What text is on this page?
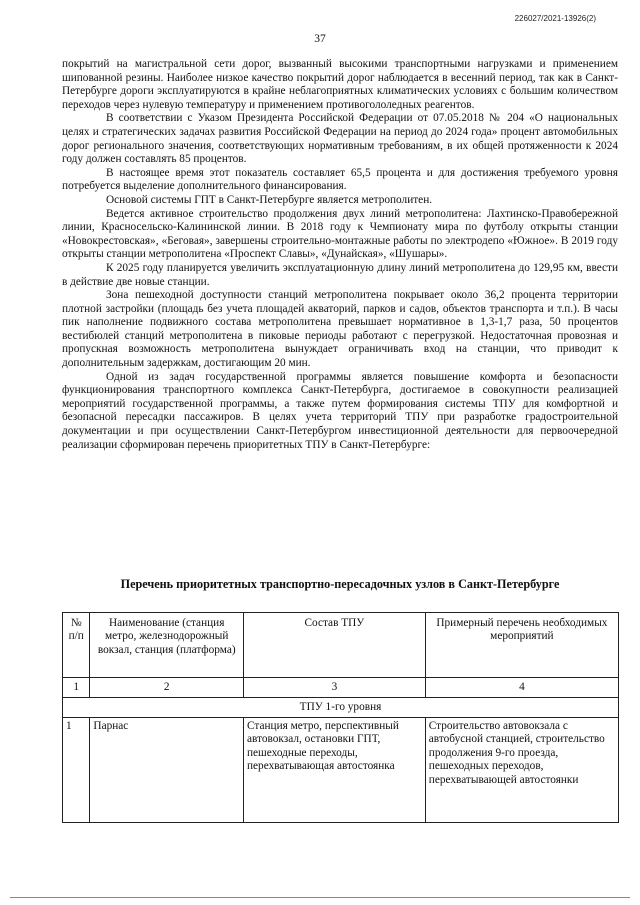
226027/2021-13926(2)
37

покрытий на магистральной сети дорог, вызванный высокими транспортными нагрузками и применением шипованной резины. Наиболее низкое качество покрытий дорог наблюдается в весенний период, так как в Санкт-Петербурге дороги эксплуатируются в крайне неблагоприятных климатических условиях с большим количеством переходов через нулевую температуру и применением противогололедных реагентов.

В соответствии с Указом Президента Российской Федерации от 07.05.2018 № 204 «О национальных целях и стратегических задачах развития Российской Федерации на период до 2024 года» процент автомобильных дорог регионального значения, соответствующих нормативным требованиям, в их общей протяженности к 2024 году должен составлять 85 процентов.

В настоящее время этот показатель составляет 65,5 процента и для достижения требуемого уровня потребуется выделение дополнительного финансирования.

Основой системы ГПТ в Санкт-Петербурге является метрополитен.

Ведется активное строительство продолжения двух линий метрополитена: Лахтинско-Правобережной линии, Красносельско-Калининской линии. В 2018 году к Чемпионату мира по футболу открыты станции «Новокрестовская», «Беговая», завершены строительно-монтажные работы по электродепо «Южное». В 2019 году открыты станции метрополитена «Проспект Славы», «Дунайская», «Шушары».

К 2025 году планируется увеличить эксплуатационную длину линий метрополитена до 129,95 км, ввести в действие две новые станции.

Зона пешеходной доступности станций метрополитена покрывает около 36,2 процента территории плотной застройки (площадь без учета площадей акваторий, парков и садов, объектов транспорта и т.п.). В часы пик наполнение подвижного состава метрополитена превышает нормативное в 1,3-1,7 раза, 50 процентов вестибюлей станций метрополитена в пиковые периоды работают с перегрузкой. Недостаточная провозная и пропускная возможность метрополитена вынуждает ограничивать вход на станции, что приводит к дополнительным задержкам, достигающим 20 мин.

Одной из задач государственной программы является повышение комфорта и безопасности функционирования транспортного комплекса Санкт-Петербурга, достигаемое в совокупности реализацией мероприятий государственной программы, а также путем формирования системы ТПУ для комфортной и безопасной пересадки пассажиров. В целях учета территорий ТПУ при разработке градостроительной документации и при осуществлении Санкт-Петербургом инвестиционной деятельности для первоочередной реализации сформирован перечень приоритетных ТПУ в Санкт-Петербурге:

Перечень приоритетных транспортно-пересадочных узлов в Санкт-Петербурге
№ п/п	Наименование (станция метро, железнодорожный вокзал, станция (платформа)	Состав ТПУ	Примерный перечень необходимых мероприятий
1	2	3	4
ТПУ 1-го уровня			
1	Парнас	Станция метро, перспективный автовокзал, остановки ГПТ, пешеходные переходы, перехватывающая автостоянка	Строительство автовокзала с автобусной станцией, строительство продолжения 9-го проезда, пешеходных переходов, перехватывающей автостоянки
